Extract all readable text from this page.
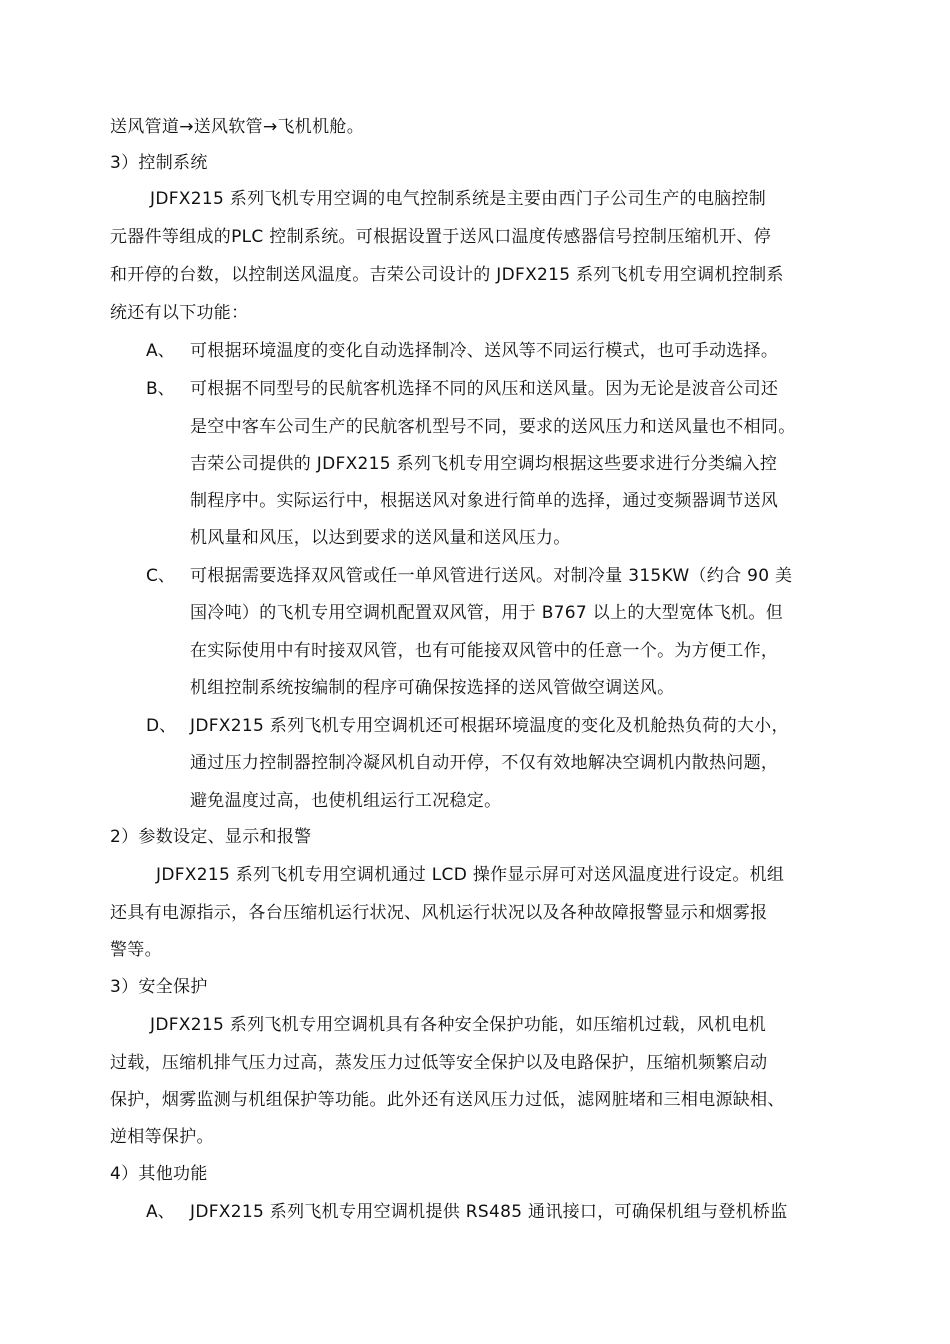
送风管道→送风软管→飞机机舱。
3）控制系统
JDFX215 系列飞机专用空调的电气控制系统是主要由西门子公司生产的电脑控制
元器件等组成的PLC 控制系统。可根据设置于送风口温度传感器信号控制压缩机开、停
和开停的台数，以控制送风温度。吉荣公司设计的 JDFX215 系列飞机专用空调机控制系
统还有以下功能：
A、 可根据环境温度的变化自动选择制冷、送风等不同运行模式，也可手动选择。
B、 可根据不同型号的民航客机选择不同的风压和送风量。因为无论是波音公司还
是空中客车公司生产的民航客机型号不同，要求的送风压力和送风量也不相同。
吉荣公司提供的 JDFX215 系列飞机专用空调均根据这些要求进行分类编入控
制程序中。实际运行中，根据送风对象进行简单的选择，通过变频器调节送风
机风量和风压，以达到要求的送风量和送风压力。
C、 可根据需要选择双风管或任一单风管进行送风。对制冷量 315KW（约合 90 美
国冷吨）的飞机专用空调机配置双风管，用于 B767 以上的大型宽体飞机。但
在实际使用中有时接双风管，也有可能接双风管中的任意一个。为方便工作，
机组控制系统按编制的程序可确保按选择的送风管做空调送风。
D、 JDFX215 系列飞机专用空调机还可根据环境温度的变化及机舱热负荷的大小，
通过压力控制器控制冷凝风机自动开停，不仅有效地解决空调机内散热问题，
避免温度过高，也使机组运行工况稳定。
2）参数设定、显示和报警
JDFX215 系列飞机专用空调机通过 LCD 操作显示屏可对送风温度进行设定。机组
还具有电源指示，各台压缩机运行状况、风机运行状况以及各种故障报警显示和烟雾报
警等。
3）安全保护
JDFX215 系列飞机专用空调机具有各种安全保护功能，如压缩机过载，风机电机
过载，压缩机排气压力过高，蒸发压力过低等安全保护以及电路保护，压缩机频繁启动
保护，烟雾监测与机组保护等功能。此外还有送风压力过低，滤网脏堵和三相电源缺相、
逆相等保护。
4）其他功能
A、 JDFX215 系列飞机专用空调机提供 RS485 通讯接口，可确保机组与登机桥监
